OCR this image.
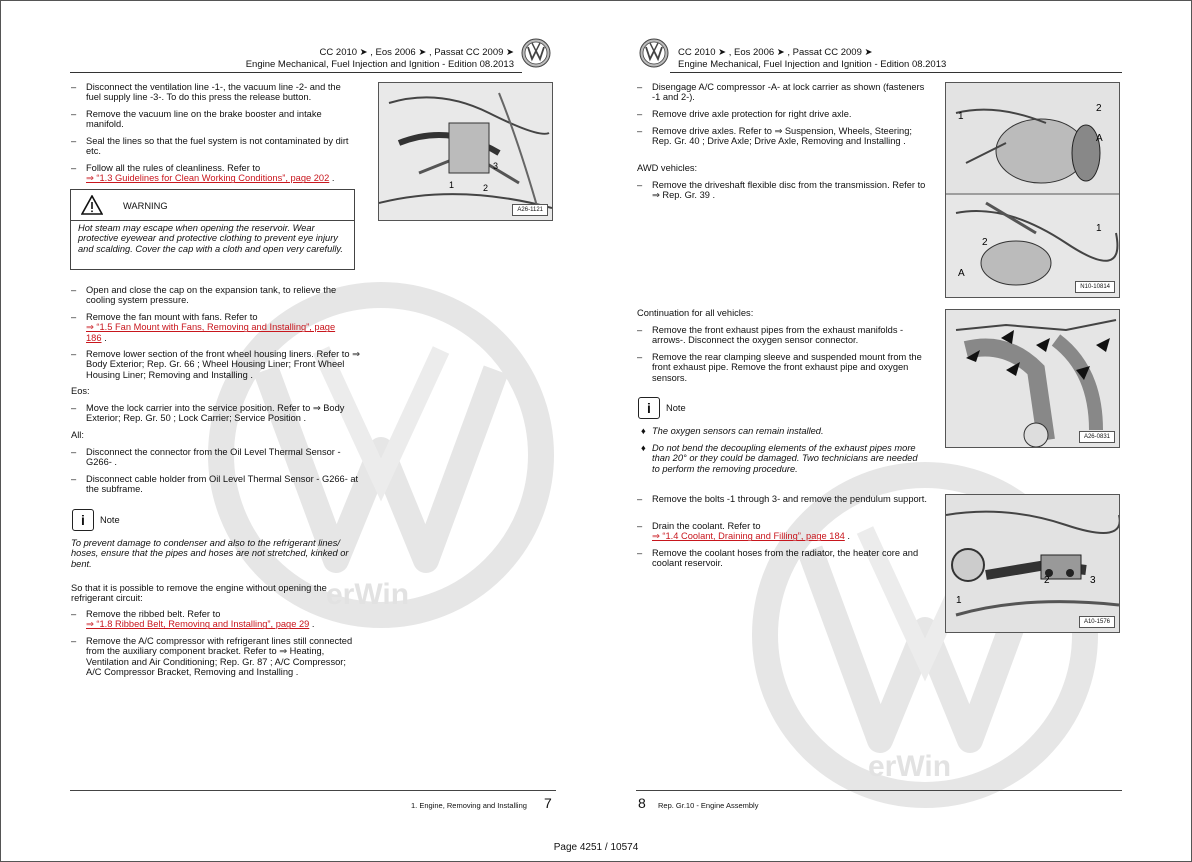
erWin
erWin
CC 2010 ➤ , Eos 2006 ➤ , Passat CC 2009 ➤
Engine Mechanical, Fuel Injection and Ignition - Edition 08.2013
– Disconnect the ventilation line -1-, the vacuum line -2- and the fuel supply line -3-. To do this press the release button.
– Remove the vacuum line on the brake booster and intake manifold.
– Seal the lines so that the fuel system is not contaminated by dirt etc.
– Follow all the rules of cleanliness. Refer to
⇒ “1.3 Guidelines for Clean Working Conditions”, page 202 .
1	2
3
A26-1121
WARNING
Hot steam may escape when opening the reservoir. Wear protective eyewear and protective clothing to prevent eye injury and scalding. Cover the cap with a cloth and open very carefully.
– Open and close the cap on the expansion tank, to relieve the cooling system pressure.
– Remove the fan mount with fans. Refer to
⇒ “1.5 Fan Mount with Fans, Removing and Installing”, page 186 .
– Remove lower section of the front wheel housing liners. Refer to ⇒ Body Exterior; Rep. Gr. 66 ; Wheel Housing Liner; Front Wheel Housing Liner; Removing and Installing .
Eos:
– Move the lock carrier into the service position. Refer to ⇒ Body Exterior; Rep. Gr. 50 ; Lock Carrier; Service Position .
All:
– Disconnect the connector from the Oil Level Thermal Sensor - G266- .
– Disconnect cable holder from Oil Level Thermal Sensor - G266- at the subframe.
i	Note
To prevent damage to condenser and also to the refrigerant lines/ hoses, ensure that the pipes and hoses are not stretched, kinked or bent.
So that it is possible to remove the engine without opening the refrigerant circuit:
– Remove the ribbed belt. Refer to
⇒ “1.8 Ribbed Belt, Removing and Installing”, page 29 .
– Remove the A/C compressor with refrigerant lines still connected from the auxiliary component bracket. Refer to ⇒ Heating, Ventilation and Air Conditioning; Rep. Gr. 87 ; A/C Compressor; A/C Compressor Bracket, Removing and Installing .
1. Engine, Removing and Installing 7
CC 2010 ➤ , Eos 2006 ➤ , Passat CC 2009 ➤
Engine Mechanical, Fuel Injection and Ignition - Edition 08.2013
– Disengage A/C compressor -A- at lock carrier as shown (fasteners -1 and 2-).
– Remove drive axle protection for right drive axle.
– Remove drive axles. Refer to ⇒ Suspension, Wheels, Steering; Rep. Gr. 40 ; Drive Axle; Drive Axle, Removing and Installing .
AWD vehicles:
– Remove the driveshaft flexible disc from the transmission. Refer to ⇒ Rep. Gr. 39 .
1
2
A
2
1
A
N10-10814
Continuation for all vehicles:
– Remove the front exhaust pipes from the exhaust manifolds -arrows-. Disconnect the oxygen sensor connector.
– Remove the rear clamping sleeve and suspended mount from the front exhaust pipe. Remove the front exhaust pipe and oxygen sensors.
A26-0831
i	Note
♦ The oxygen sensors can remain installed.
♦ Do not bend the decoupling elements of the exhaust pipes more than 20° or they could be damaged. Two technicians are needed to perform the removing procedure.
– Remove the bolts -1 through 3- and remove the pendulum support.
– Drain the coolant. Refer to
⇒ “1.4 Coolant, Draining and Filling”, page 184 .
– Remove the coolant hoses from the radiator, the heater core and coolant reservoir.
1
2	3
A10-1576
8 Rep. Gr.10 - Engine Assembly
Page 4251 / 10574
